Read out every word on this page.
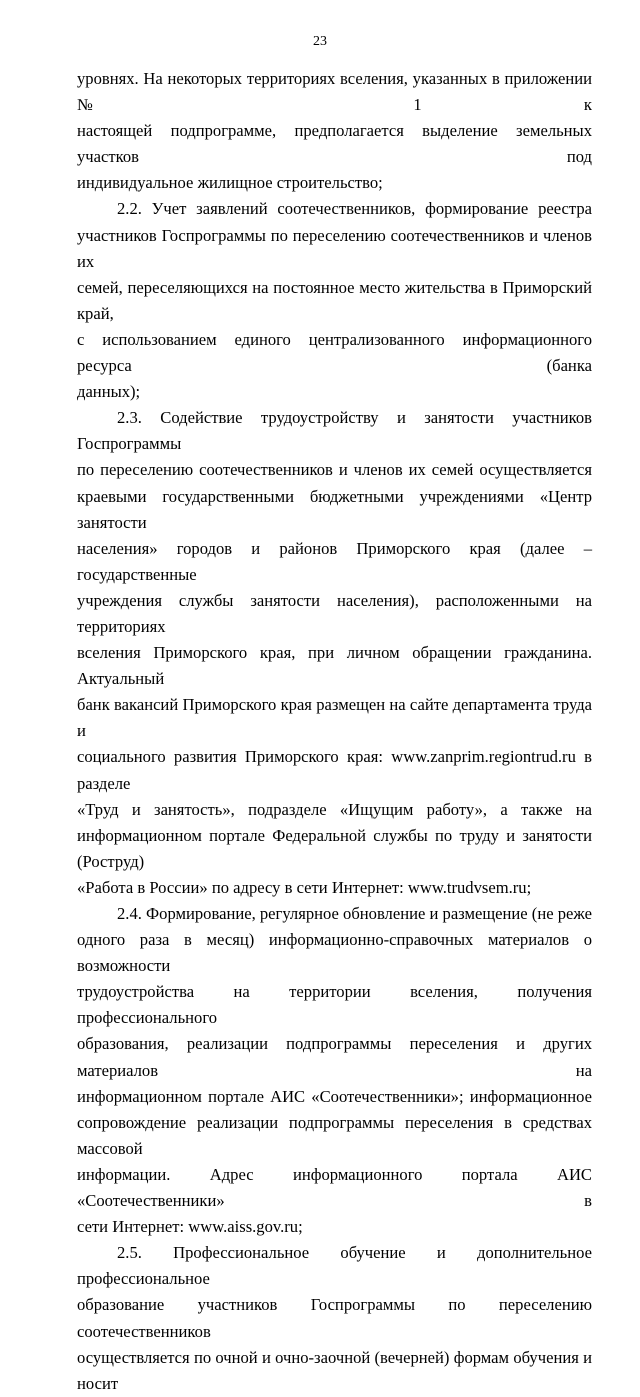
23

уровнях. На некоторых территориях вселения, указанных в приложении № 1 к

настоящей подпрограмме, предполагается выделение земельных участков под

индивидуальное жилищное строительство;

2.2. Учет заявлений соотечественников, формирование реестра

участников Госпрограммы по переселению соотечественников и членов их

семей, переселяющихся на постоянное место жительства в Приморский край,

с использованием единого централизованного информационного ресурса (банка

данных);

2.3. Содействие трудоустройству и занятости участников Госпрограммы

по переселению соотечественников и членов их семей осуществляется

краевыми государственными бюджетными учреждениями «Центр занятости

населения» городов и районов Приморского края (далее – государственные

учреждения службы занятости населения), расположенными на территориях

вселения Приморского края, при личном обращении гражданина. Актуальный

банк вакансий Приморского края размещен на сайте департамента труда и

социального развития Приморского края: www.zanprim.regiontrud.ru в разделе

«Труд и занятость», подразделе «Ищущим работу», а также на

информационном портале Федеральной службы по труду и занятости (Роструд)

«Работа в России» по адресу в сети Интернет: www.trudvsem.ru;

2.4. Формирование, регулярное обновление и размещение (не реже

одного раза в месяц) информационно-справочных материалов о возможности

трудоустройства на территории вселения, получения профессионального

образования, реализации подпрограммы переселения и других материалов на

информационном портале АИС «Соотечественники»; информационное

сопровождение реализации подпрограммы переселения в средствах массовой

информации. Адрес информационного портала АИС «Соотечественники» в

сети Интернет: www.aiss.gov.ru;

2.5. Профессиональное обучение и дополнительное профессиональное

образование участников Госпрограммы по переселению соотечественников

осуществляется по очной и очно-заочной (вечерней) формам обучения и носит
